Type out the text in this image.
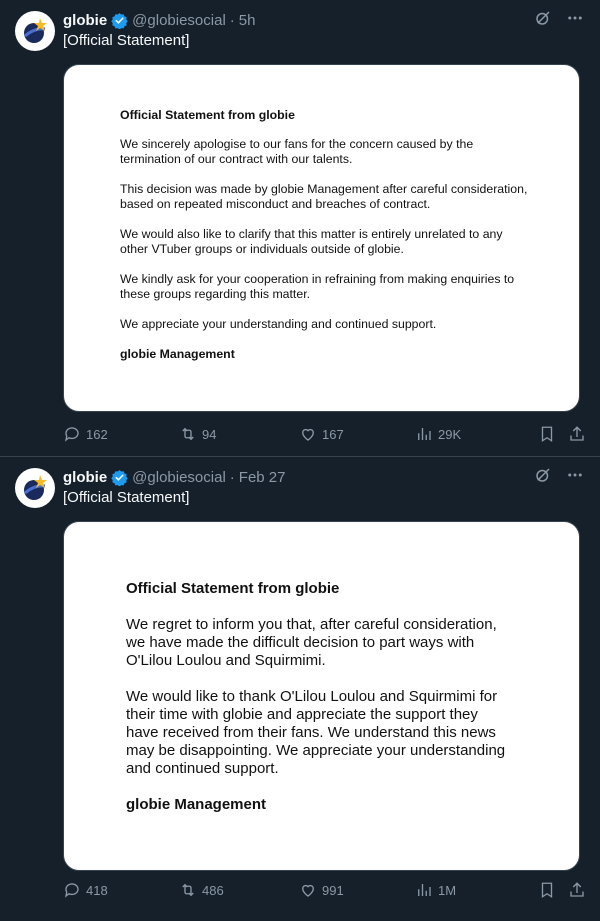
globie @globiesocial · 5h
[Official Statement]
Official Statement from globie

We sincerely apologise to our fans for the concern caused by the termination of our contract with our talents.

This decision was made by globie Management after careful consideration, based on repeated misconduct and breaches of contract.

We would also like to clarify that this matter is entirely unrelated to any other VTuber groups or individuals outside of globie.

We kindly ask for your cooperation in refraining from making enquiries to these groups regarding this matter.

We appreciate your understanding and continued support.

globie Management
162	94	167	29K
globie @globiesocial · Feb 27
[Official Statement]
Official Statement from globie

We regret to inform you that, after careful consideration, we have made the difficult decision to part ways with O'Lilou Loulou and Squirmimi.

We would like to thank O'Lilou Loulou and Squirmimi for their time with globie and appreciate the support they have received from their fans. We understand this news may be disappointing. We appreciate your understanding and continued support.

globie Management
418	486	991	1M
